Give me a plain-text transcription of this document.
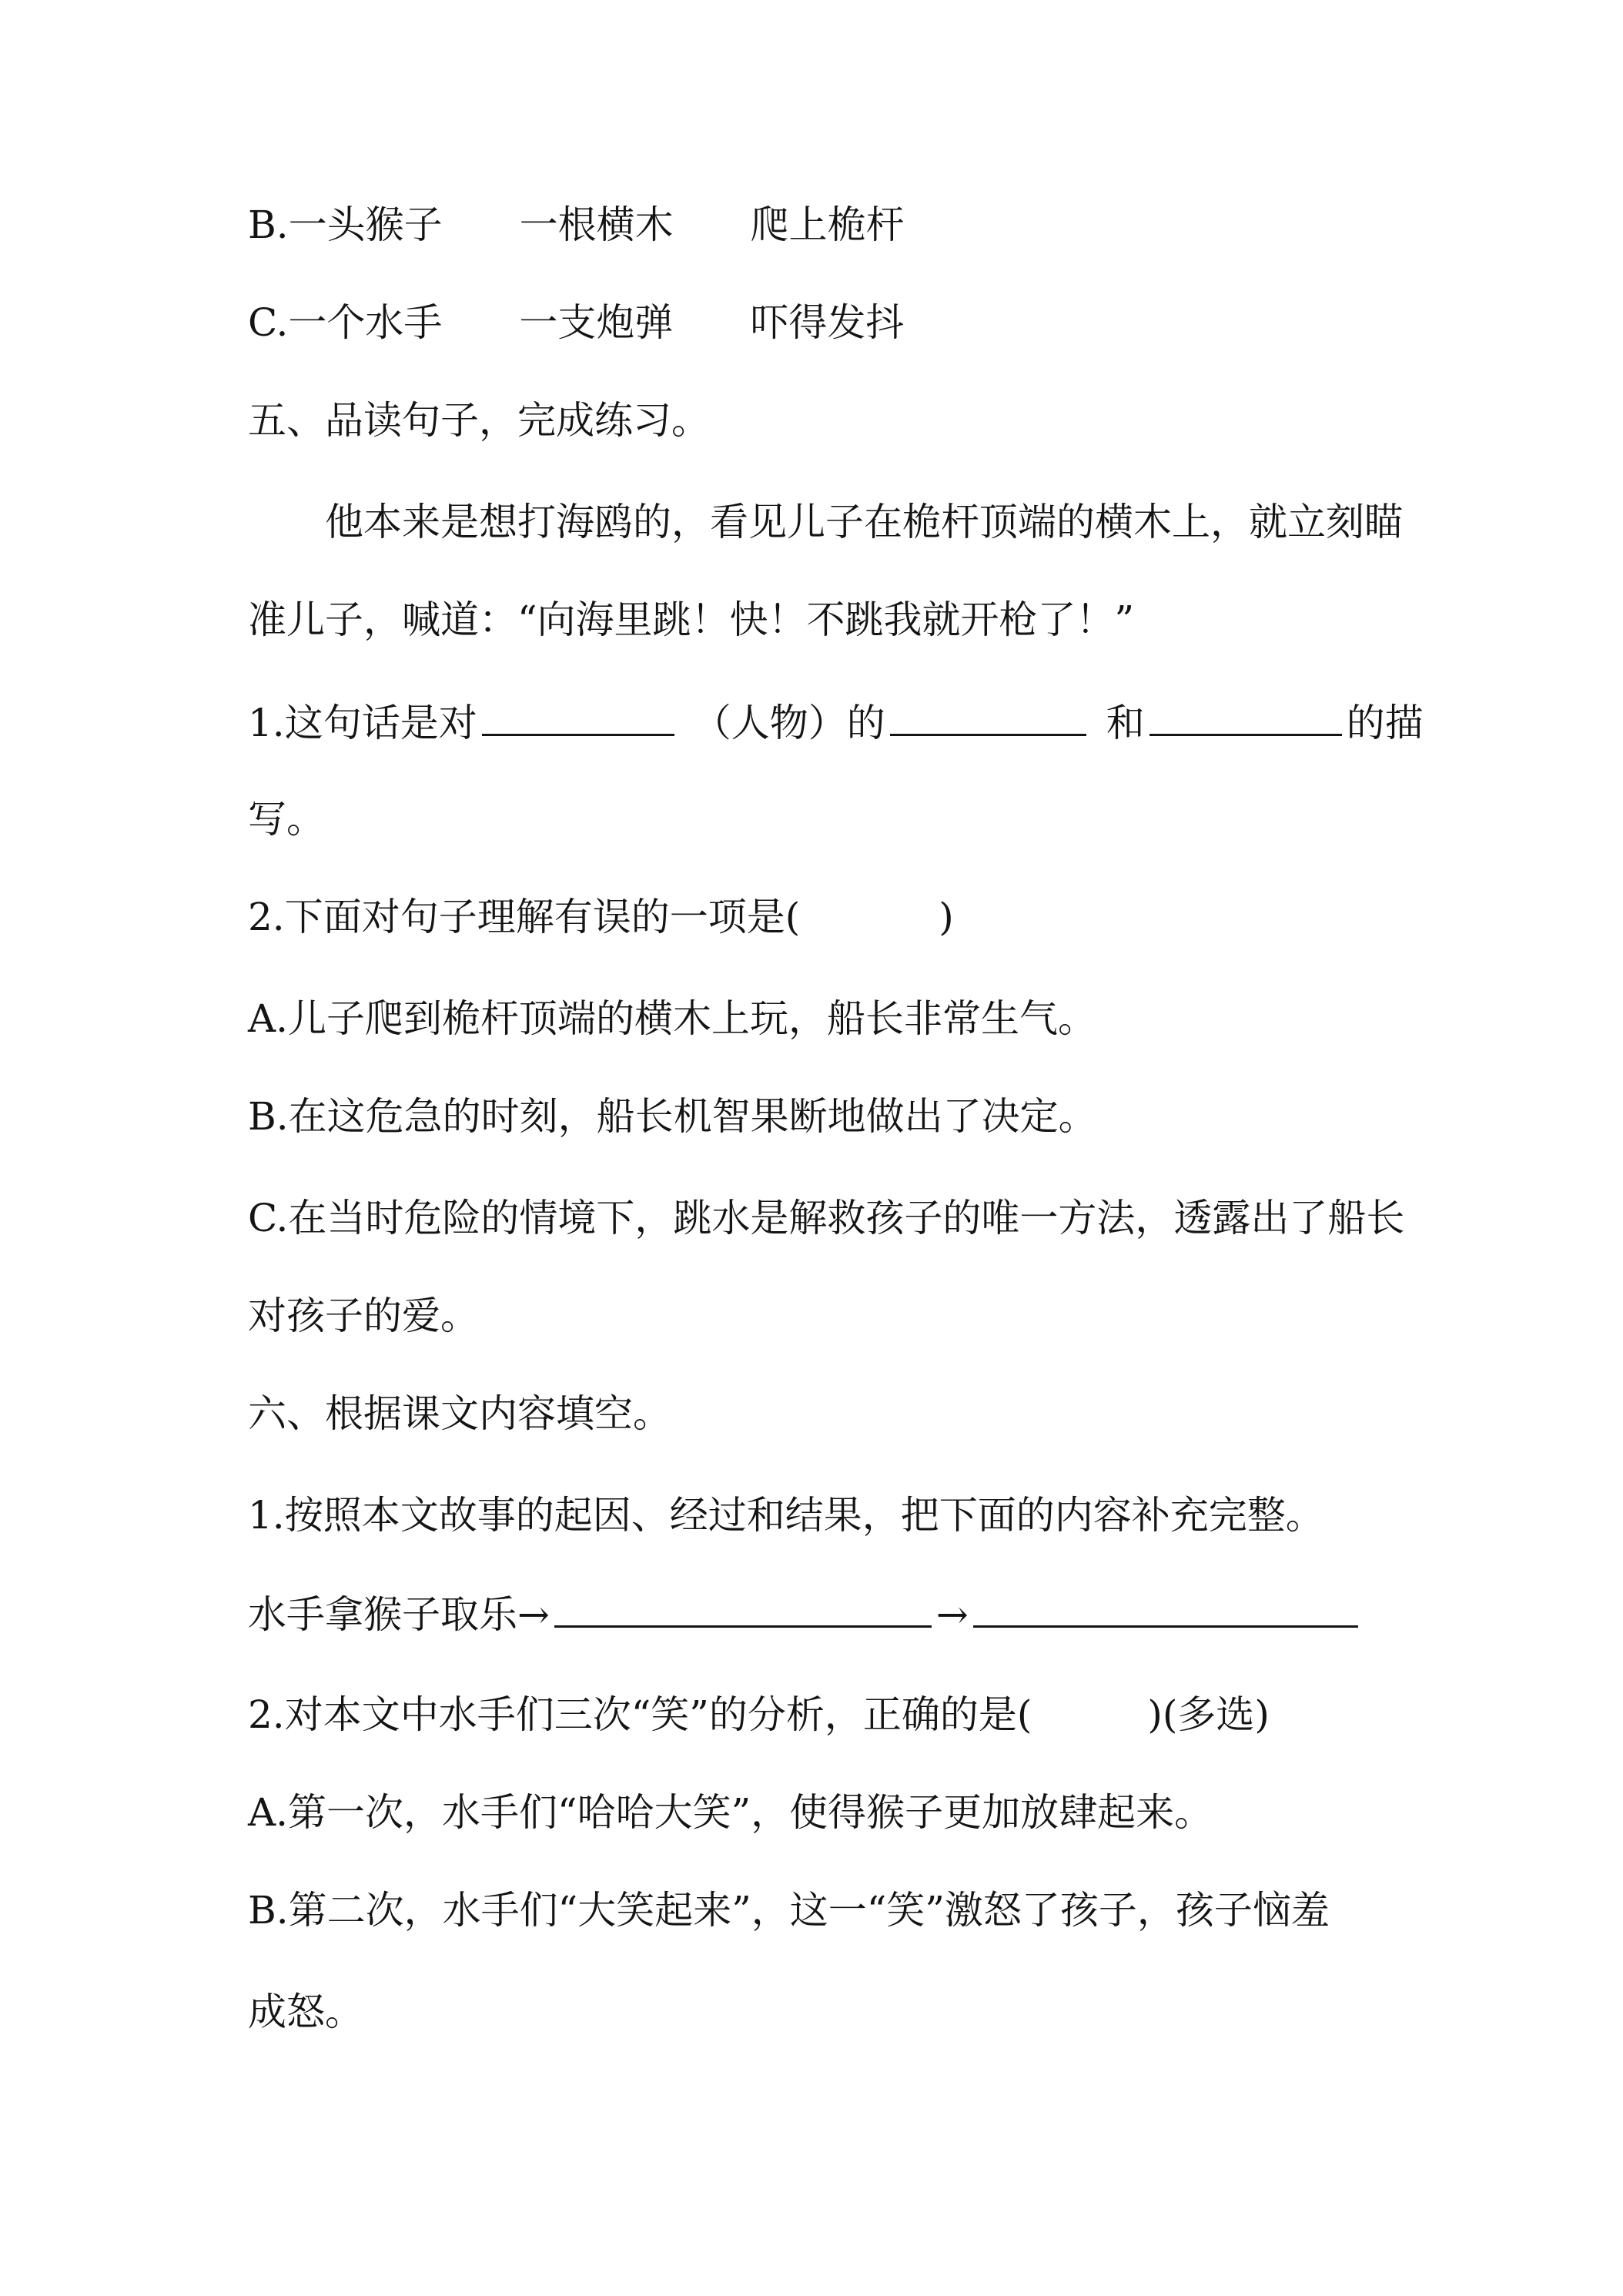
B.一头猴子 一根横木 爬上桅杆
C.一个水手 一支炮弹 吓得发抖
五、品读句子，完成练习。
他本来是想打海鸥的，看见儿子在桅杆顶端的横木上，就立刻瞄
准儿子，喊道：“向海里跳！快！不跳我就开枪了！”
1.这句话是对	（人物）的	和	的描
写。
2.下面对句子理解有误的一项是(	)
A.儿子爬到桅杆顶端的横木上玩，船长非常生气。
B.在这危急的时刻，船长机智果断地做出了决定。
C.在当时危险的情境下，跳水是解救孩子的唯一方法，透露出了船长
对孩子的爱。
六、根据课文内容填空。
1.按照本文故事的起因、经过和结果，把下面的内容补充完整。
水手拿猴子取乐→	→
2.对本文中水手们三次“笑”的分析，正确的是(	)(多选)
A.第一次，水手们“哈哈大笑”，使得猴子更加放肆起来。
B.第二次，水手们“大笑起来”，这一“笑”激怒了孩子，孩子恼羞
成怒。
